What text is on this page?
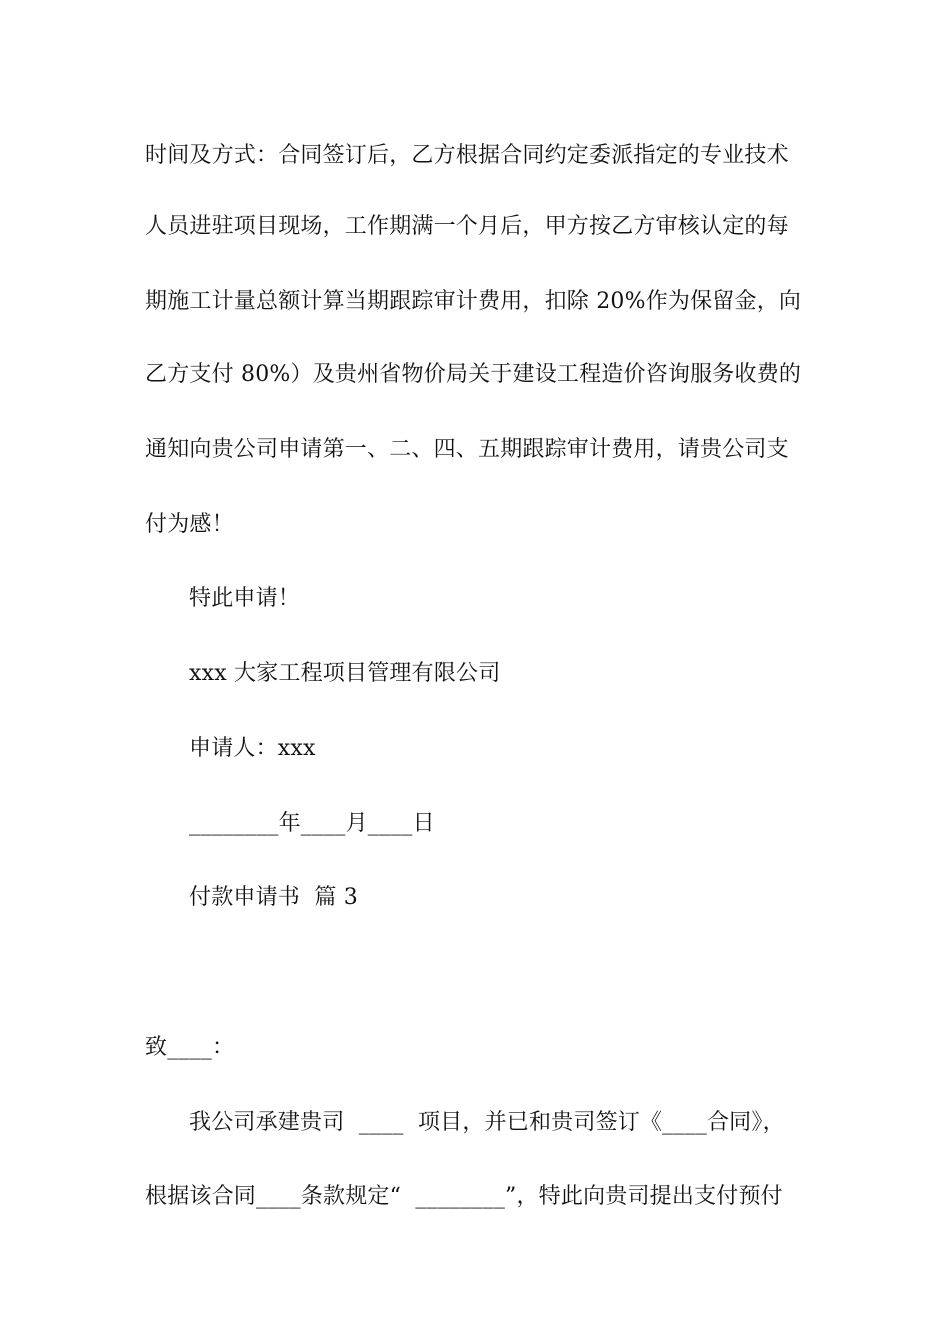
时间及方式：合同签订后，乙方根据合同约定委派指定的专业技术
人员进驻项目现场，工作期满一个月后，甲方按乙方审核认定的每
期施工计量总额计算当期跟踪审计费用，扣除 20%作为保留金，向
乙方支付 80%）及贵州省物价局关于建设工程造价咨询服务收费的
通知向贵公司申请第一、二、四、五期跟踪审计费用，请贵公司支
付为感！
特此申请！
xxx 大家工程项目管理有限公司
申请人：xxx
________年____月____日
付款申请书  篇 3
致____：
我公司承建贵司  ____  项目，并已和贵司签订《____合同》，
根据该合同____条款规定“  ________”，特此向贵司提出支付预付
